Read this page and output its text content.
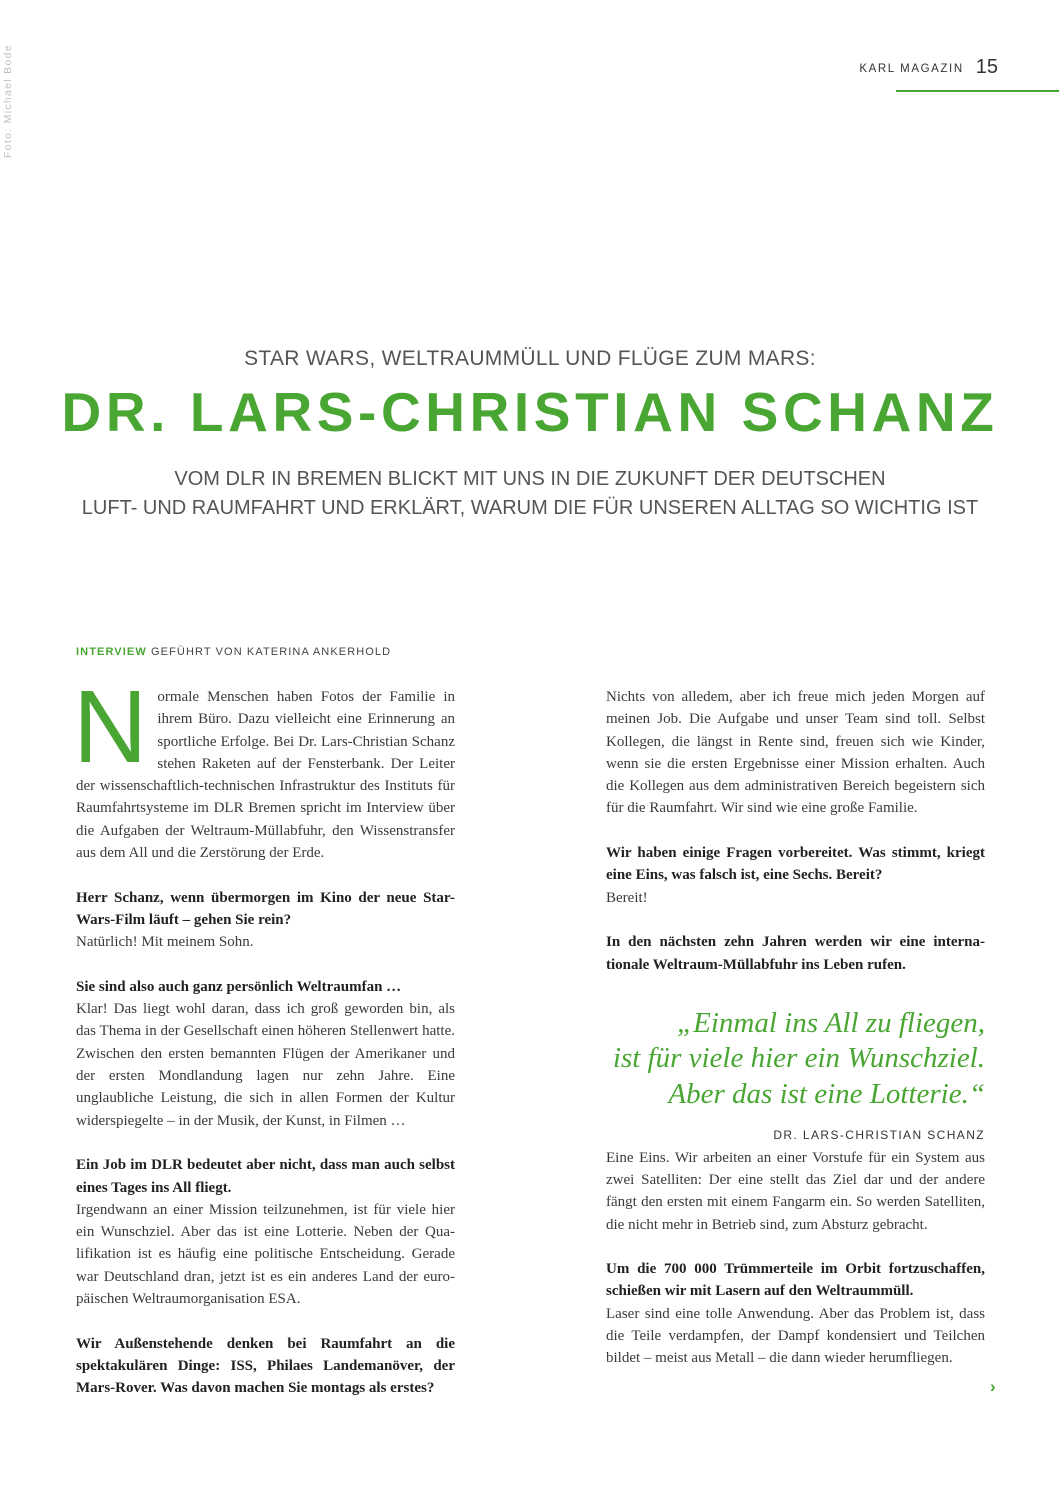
Foto: Michael Bode	KARL MAGAZIN 15
STAR WARS, WELTRAUMMÜLL UND FLÜGE ZUM MARS:
DR. LARS-CHRISTIAN SCHANZ
VOM DLR IN BREMEN BLICKT MIT UNS IN DIE ZUKUNFT DER DEUTSCHEN
LUFT- UND RAUMFAHRT UND ERKLÄRT, WARUM DIE FÜR UNSEREN ALLTAG SO WICHTIG IST
INTERVIEW GEFÜHRT VON KATERINA ANKERHOLD

Normale Menschen haben Fotos der Familie in ihrem Büro. Dazu vielleicht eine Erinnerung an sportliche Erfolge. Bei Dr. Lars-Christian Schanz stehen Raketen auf der Fensterbank. Der Leiter der wissenschaftlich-technischen Infrastruktur des Instituts für Raumfahrtsysteme im DLR Bremen spricht im Interview über die Aufgaben der Weltraum-Müllabfuhr, den Wissenstransfer aus dem All und die Zerstörung der Erde.

Herr Schanz, wenn übermorgen im Kino der neue Star-Wars-Film läuft – gehen Sie rein?

Natürlich! Mit meinem Sohn.

Sie sind also auch ganz persönlich Weltraumfan …

Klar! Das liegt wohl daran, dass ich groß geworden bin, als das Thema in der Gesellschaft einen höheren Stellenwert hatte. Zwischen den ersten bemannten Flügen der Amerikaner und der ersten Mondlandung lagen nur zehn Jahre. Eine unglaubliche Leistung, die sich in allen Formen der Kultur widerspiegelte – in der Musik, der Kunst, in Filmen …

Ein Job im DLR bedeutet aber nicht, dass man auch selbst eines Tages ins All fliegt.

Irgendwann an einer Mission teilzunehmen, ist für viele hier ein Wunschziel. Aber das ist eine Lotterie. Neben der Qualifikation ist es häufig eine politische Entscheidung. Gerade war Deutschland dran, jetzt ist es ein anderes Land der europäischen Weltraumorganisation ESA.

Wir Außenstehende denken bei Raumfahrt an die spektakulären Dinge: ISS, Philaes Landemanöver, der Mars-Rover. Was davon machen Sie montags als erstes?

Nichts von alledem, aber ich freue mich jeden Morgen auf meinen Job. Die Aufgabe und unser Team sind toll. Selbst Kollegen, die längst in Rente sind, freuen sich wie Kinder, wenn sie die ersten Ergebnisse einer Mission erhalten. Auch die Kollegen aus dem administrativen Bereich begeistern sich für die Raumfahrt. Wir sind wie eine große Familie.

Wir haben einige Fragen vorbereitet. Was stimmt, kriegt eine Eins, was falsch ist, eine Sechs. Bereit?

Bereit!

In den nächsten zehn Jahren werden wir eine internationale Weltraum-Müllabfuhr ins Leben rufen.

„Einmal ins All zu fliegen,
ist für viele hier ein Wunschziel.
Aber das ist eine Lotterie.“
DR. LARS-CHRISTIAN SCHANZ

Eine Eins. Wir arbeiten an einer Vorstufe für ein System aus zwei Satelliten: Der eine stellt das Ziel dar und der andere fängt den ersten mit einem Fangarm ein. So werden Satelliten, die nicht mehr in Betrieb sind, zum Absturz gebracht.

Um die 700 000 Trümmerteile im Orbit fortzuschaffen, schießen wir mit Lasern auf den Weltraummüll.

Laser sind eine tolle Anwendung. Aber das Problem ist, dass die Teile verdampfen, der Dampf kondensiert und Teilchen bildet – meist aus Metall – die dann wieder herumfliegen.

›
